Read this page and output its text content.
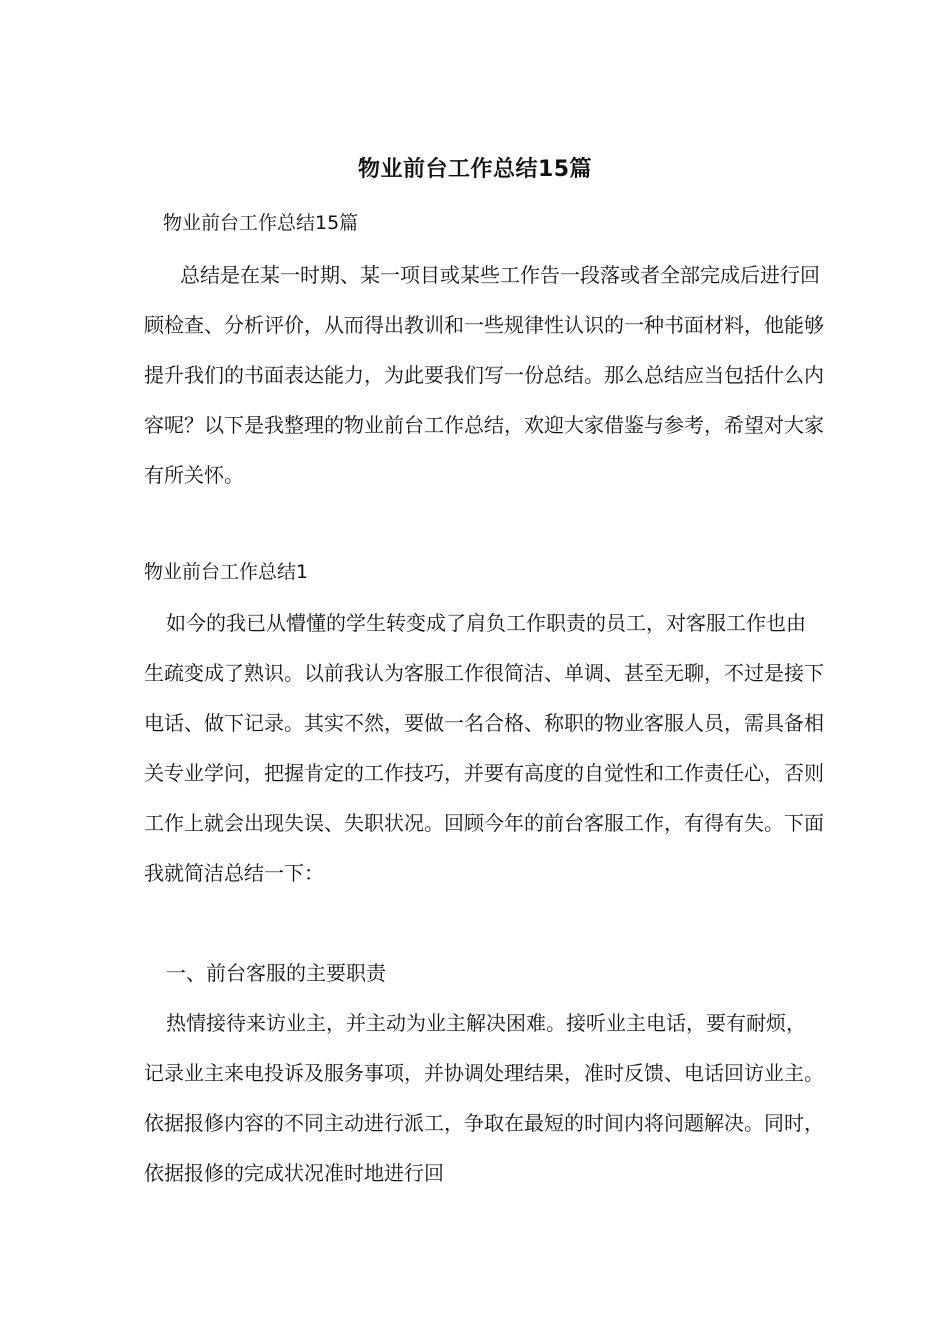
物业前台工作总结15篇

物业前台工作总结15篇

总结是在某一时期、某一项目或某些工作告一段落或者全部完成后进行回顾检查、分析评价，从而得出教训和一些规律性认识的一种书面材料，他能够提升我们的书面表达能力，为此要我们写一份总结。那么总结应当包括什么内容呢？以下是我整理的物业前台工作总结，欢迎大家借鉴与参考，希望对大家有所关怀。

物业前台工作总结1

如今的我已从懵懂的学生转变成了肩负工作职责的员工，对客服工作也由生疏变成了熟识。以前我认为客服工作很简洁、单调、甚至无聊，不过是接下电话、做下记录。其实不然，要做一名合格、称职的物业客服人员，需具备相关专业学问，把握肯定的工作技巧，并要有高度的自觉性和工作责任心，否则工作上就会出现失误、失职状况。回顾今年的前台客服工作，有得有失。下面我就简洁总结一下：

一、前台客服的主要职责

热情接待来访业主，并主动为业主解决困难。接听业主电话，要有耐烦，记录业主来电投诉及服务事项，并协调处理结果，准时反馈、电话回访业主。依据报修内容的不同主动进行派工，争取在最短的时间内将问题解决。同时，依据报修的完成状况准时地进行回
